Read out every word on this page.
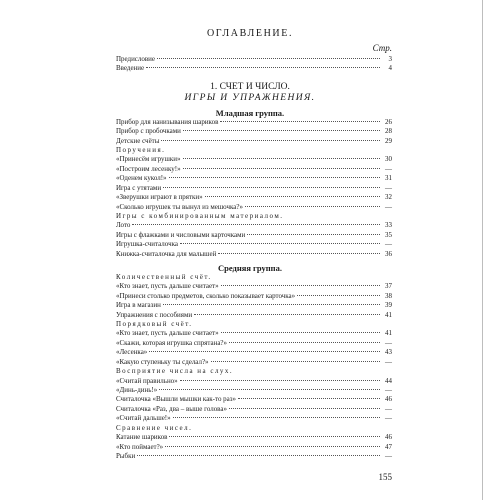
ОГЛАВЛЕНИЕ.
Стр.
Предисловие	3
Введение	4
1. СЧЕТ И ЧИСЛО.
ИГРЫ И УПРАЖНЕНИЯ.
Младшая группа.
Прибор для нанизывания шариков	26
Прибор с пробочками	28
Детские счёты	29
Поручения.
«Принесём игрушки»	30
«Построим лесенку!»	—
«Оденем кукол!»	31
Игра с утятами	—
«Зверушки играют в прятки»	32
«Сколько игрушек ты вынул из мешочка?»	—
Игры с комбинированным материалом.
Лото	33
Игры с флажками и числовыми карточками	35
Игрушка-считалочка	—
Книжка-считалочка для малышей	36
Средняя группа.
Количественный счёт.
«Кто знает, пусть дальше считает»	37
«Принеси столько предметов, сколько показывает карточка»	38
Игра в магазин	39
Упражнения с пособиями	41
Порядковый счёт.
«Кто знает, пусть дальше считает»	41
«Скажи, которая игрушка спрятана?»	—
«Лесенка»	43
«Какую ступеньку ты сделал?»	—
Восприятие числа на слух.
«Считай правильно»	44
«Динь-динь!»	—
Считалочка «Вышли мышки как-то раз»	46
Считалочка «Раз, два – выше голова»	—
«Считай дальше!»	—
Сравнение чисел.
Катание шариков	46
«Кто поймает?»	47
Рыбки	—
155
